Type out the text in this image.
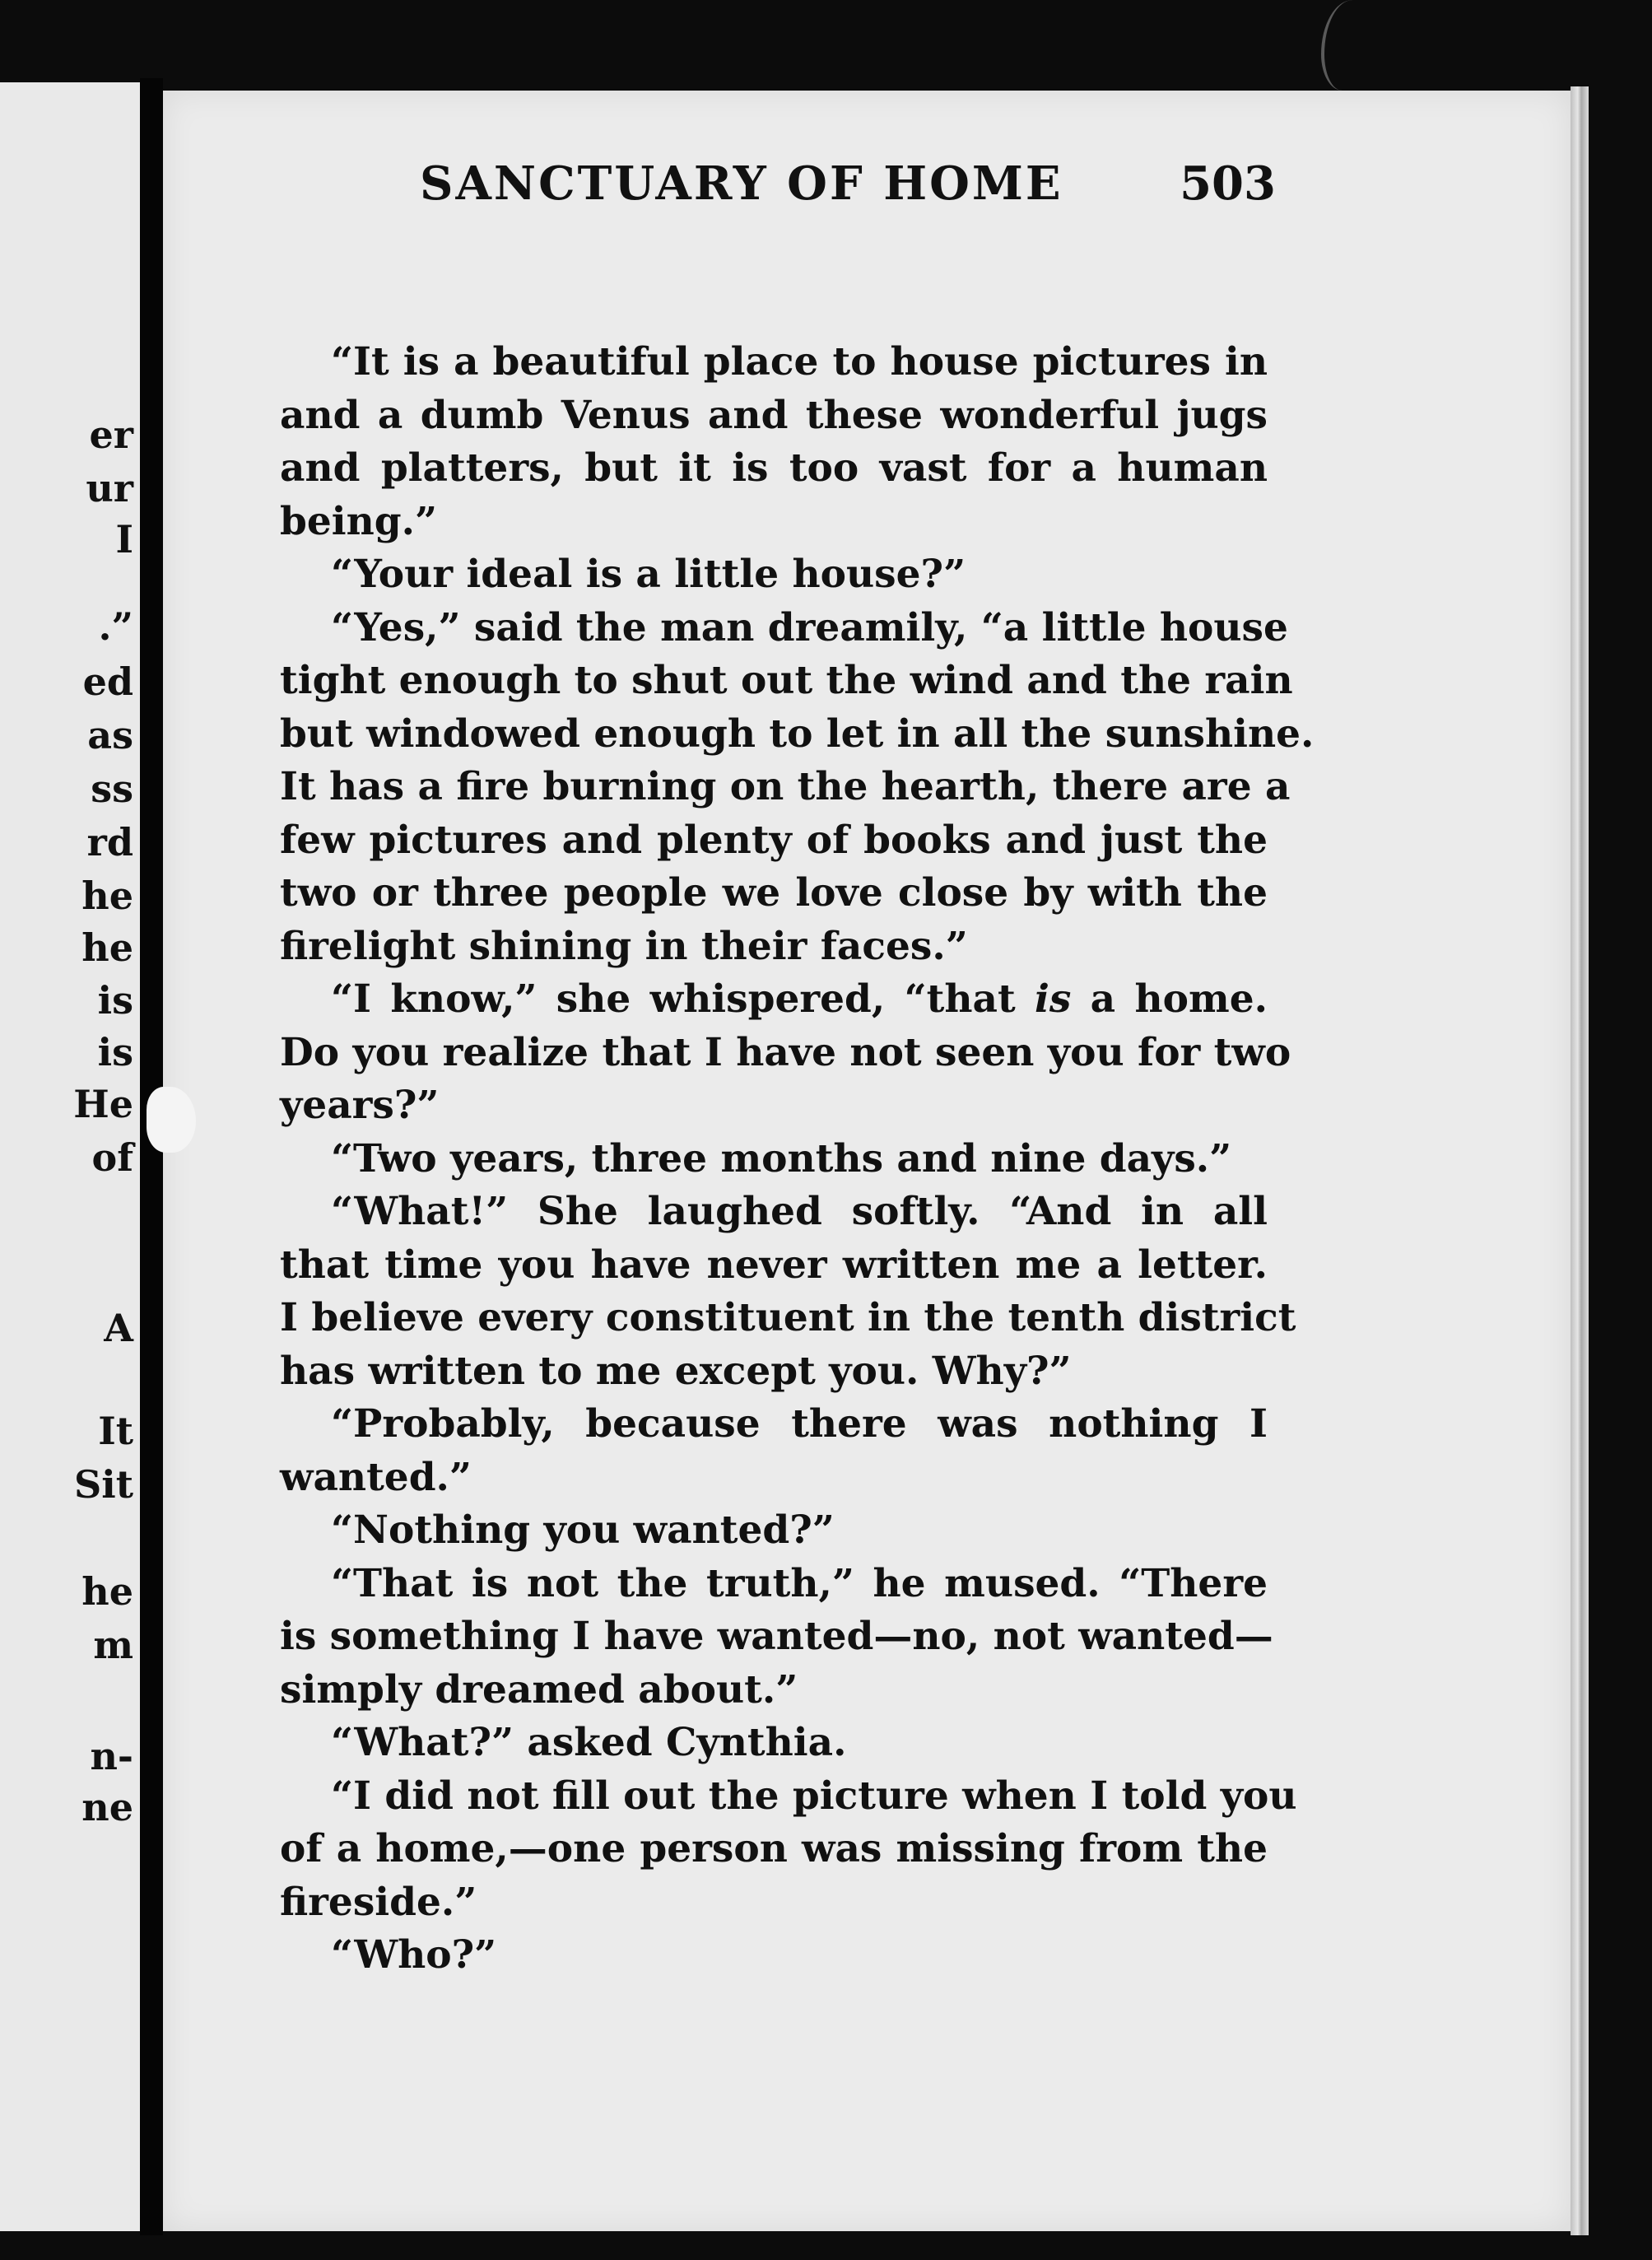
er
ur
I
.”
ed
as
ss
rd
he
he
is
is
He
of
A
It
Sit
he
m
n-
ne
SANCTUARY OF HOME	503
“It is a beautiful place to house pictures in
and a dumb Venus and these wonderful jugs
and platters, but it is too vast for a human
being.”
“Your ideal is a little house?”
“Yes,” said the man dreamily, “a little house
tight enough to shut out the wind and the rain
but windowed enough to let in all the sunshine.
It has a fire burning on the hearth, there are a
few pictures and plenty of books and just the
two or three people we love close by with the
firelight shining in their faces.”
“I know,” she whispered, “that is a home.
Do you realize that I have not seen you for two
years?”
“Two years, three months and nine days.”
“What!” She laughed softly. “And in all
that time you have never written me a letter.
I believe every constituent in the tenth district
has written to me except you. Why?”
“Probably, because there was nothing I
wanted.”
“Nothing you wanted?”
“That is not the truth,” he mused. “There
is something I have wanted—no, not wanted—
simply dreamed about.”
“What?” asked Cynthia.
“I did not fill out the picture when I told you
of a home,—one person was missing from the
fireside.”
“Who?”
